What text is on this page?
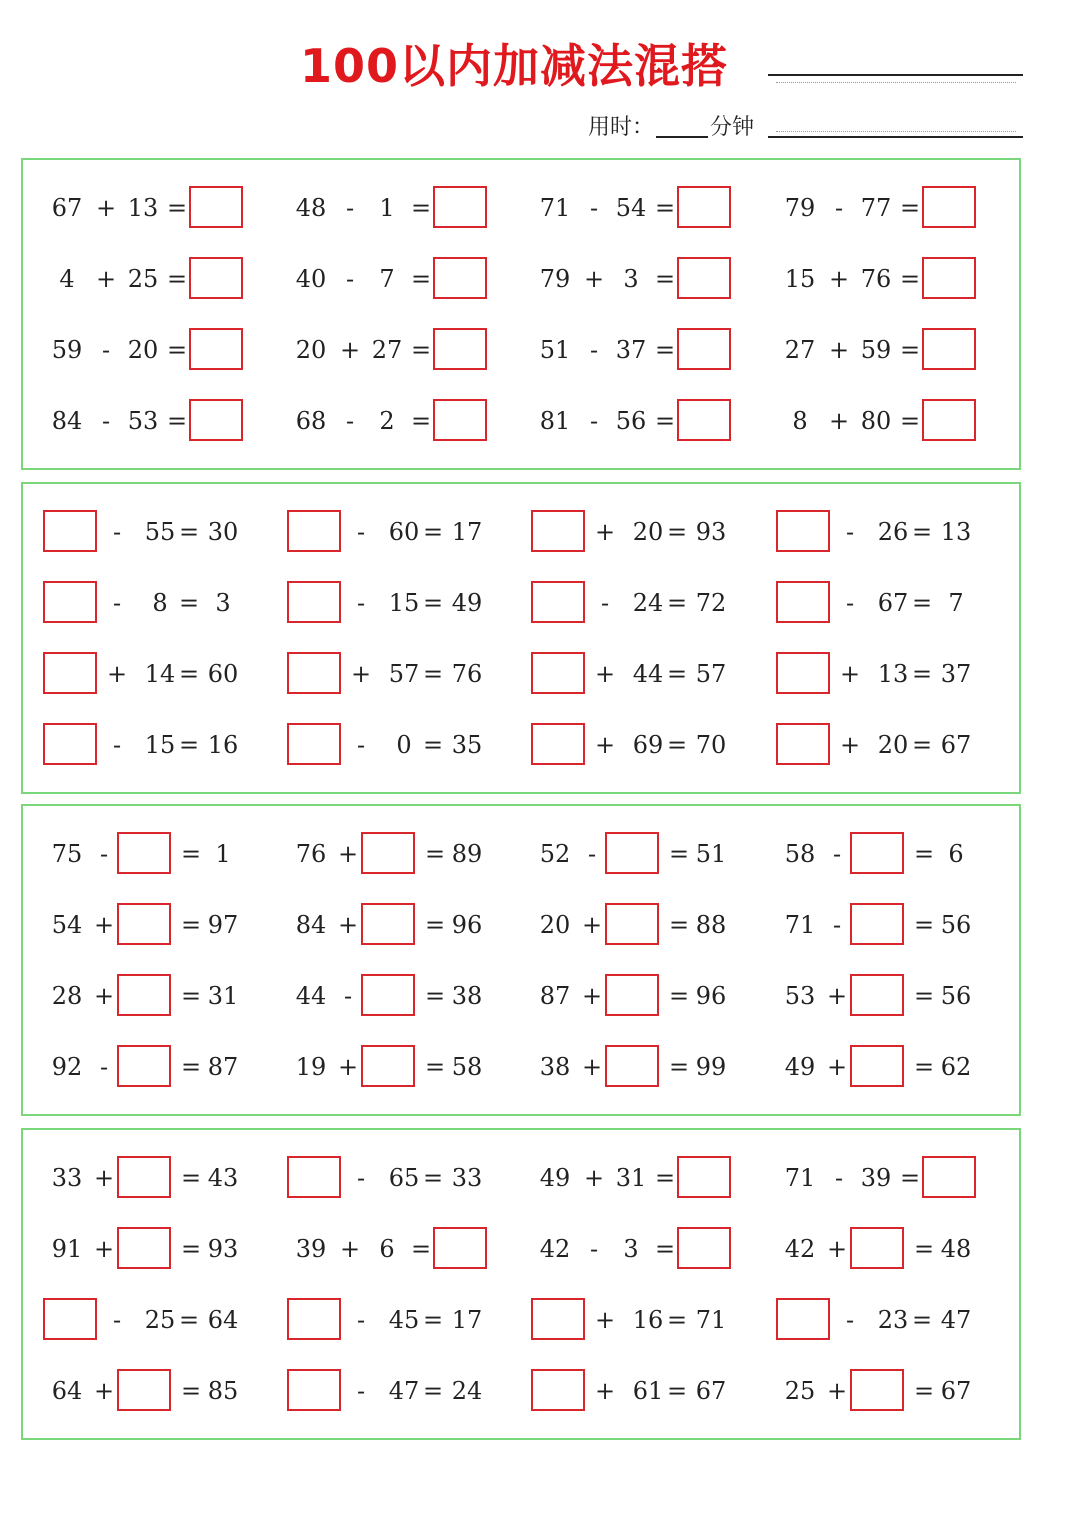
100以内加减法混搭
用时：	分钟
67 + 13 =	48 -	1 =	71 - 54 =	79 - 77 =
4 + 25 =	40 -	7 =	79 + 3 =	15 + 76 =
59 - 20 =	20 + 27 =	51 - 37 =	27 + 59 =
84 - 53 =	68 -	2 =	81 - 56 =	8 + 80 =
- 55 = 30	- 60 = 17	+ 20 = 93	- 26 = 13
-	8 = 3	- 15 = 49	- 24 = 72	- 67 = 7
+ 14 = 60	+ 57 = 76	+ 44 = 57	+ 13 = 37
- 15 = 16	-	0 = 35	+ 69 = 70	+ 20 = 67
75 -	= 1	76 +	= 89 52 -	= 51 58 -	= 6
54 +	= 97 84 +	= 96 20 +	= 88 71 -	= 56
28 +	= 31 44 -	= 38 87 +	= 96 53 +	= 56
92 -	= 87 19 +	= 58 38 +	= 99 49 +	= 62
33 +	= 43	- 65 = 33 49 + 31 =	71 - 39 =
91 +	= 93 39 + 6 =	42 -	3 =	42 +	= 48
- 25 = 64	- 45 = 17	+ 16 = 71	- 23 = 47
64 +	= 85	- 47 = 24	+ 61 = 67 25 +	= 67
